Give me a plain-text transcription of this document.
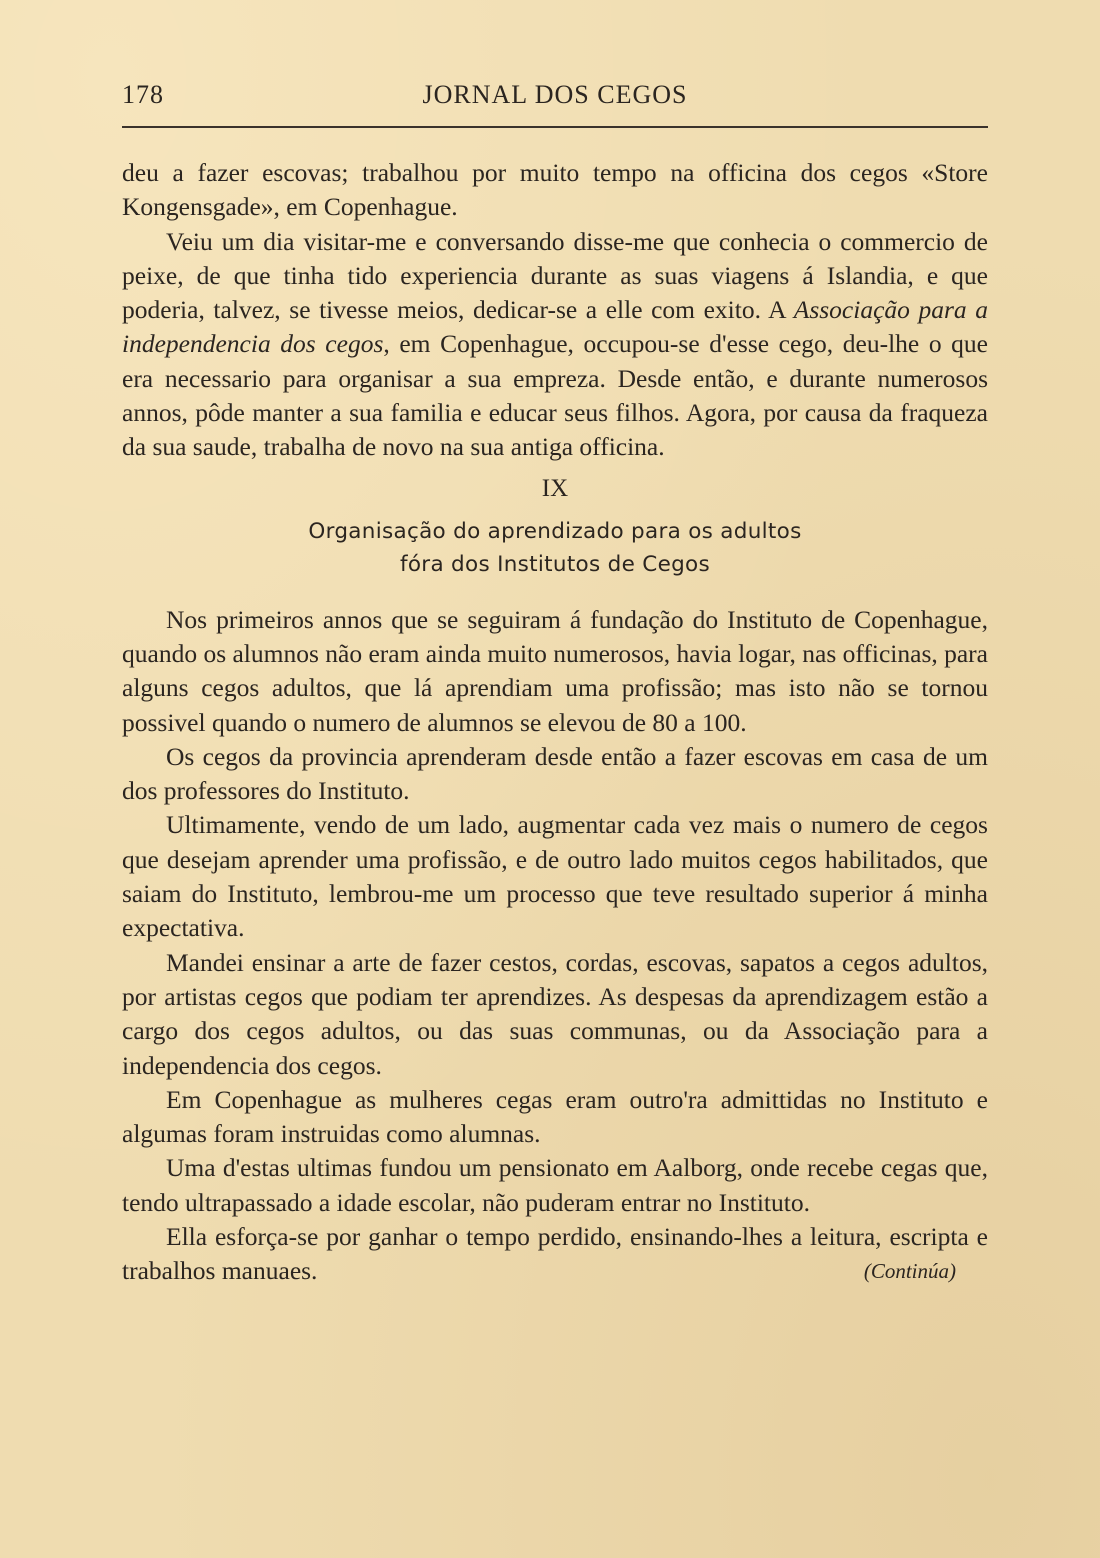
178	JORNAL DOS CEGOS

deu a fazer escovas; trabalhou por muito tempo na officina dos cegos «Store Kongensgade», em Copenhague.

Veiu um dia visitar-me e conversando disse-me que conhecia o commercio de peixe, de que tinha tido experiencia durante as suas viagens á Islandia, e que poderia, talvez, se tivesse meios, dedicar-se a elle com exito. A Associação para a independencia dos cegos, em Copenhague, occupou-se d'esse cego, deu-lhe o que era necessario para organisar a sua empreza. Desde então, e durante numerosos annos, pôde manter a sua familia e educar seus filhos. Agora, por causa da fraqueza da sua saude, trabalha de novo na sua antiga officina.

IX
Organisação do aprendizado para os adultos
fóra dos Institutos de Cegos

Nos primeiros annos que se seguiram á fundação do Instituto de Copenhague, quando os alumnos não eram ainda muito numerosos, havia logar, nas officinas, para alguns cegos adultos, que lá aprendiam uma profissão; mas isto não se tornou possivel quando o numero de alumnos se elevou de 80 a 100.

Os cegos da provincia aprenderam desde então a fazer escovas em casa de um dos professores do Instituto.

Ultimamente, vendo de um lado, augmentar cada vez mais o numero de cegos que desejam aprender uma profissão, e de outro lado muitos cegos habilitados, que saiam do Instituto, lembrou-me um processo que teve resultado superior á minha expectativa.

Mandei ensinar a arte de fazer cestos, cordas, escovas, sapatos a cegos adultos, por artistas cegos que podiam ter aprendizes. As despesas da aprendizagem estão a cargo dos cegos adultos, ou das suas communas, ou da Associação para a independencia dos cegos.

Em Copenhague as mulheres cegas eram outro'ra admittidas no Instituto e algumas foram instruidas como alumnas.

Uma d'estas ultimas fundou um pensionato em Aalborg, onde recebe cegas que, tendo ultrapassado a idade escolar, não puderam entrar no Instituto.

Ella esforça-se por ganhar o tempo perdido, ensinando-lhes a leitura, escripta e trabalhos manuaes.	(Continúa)
